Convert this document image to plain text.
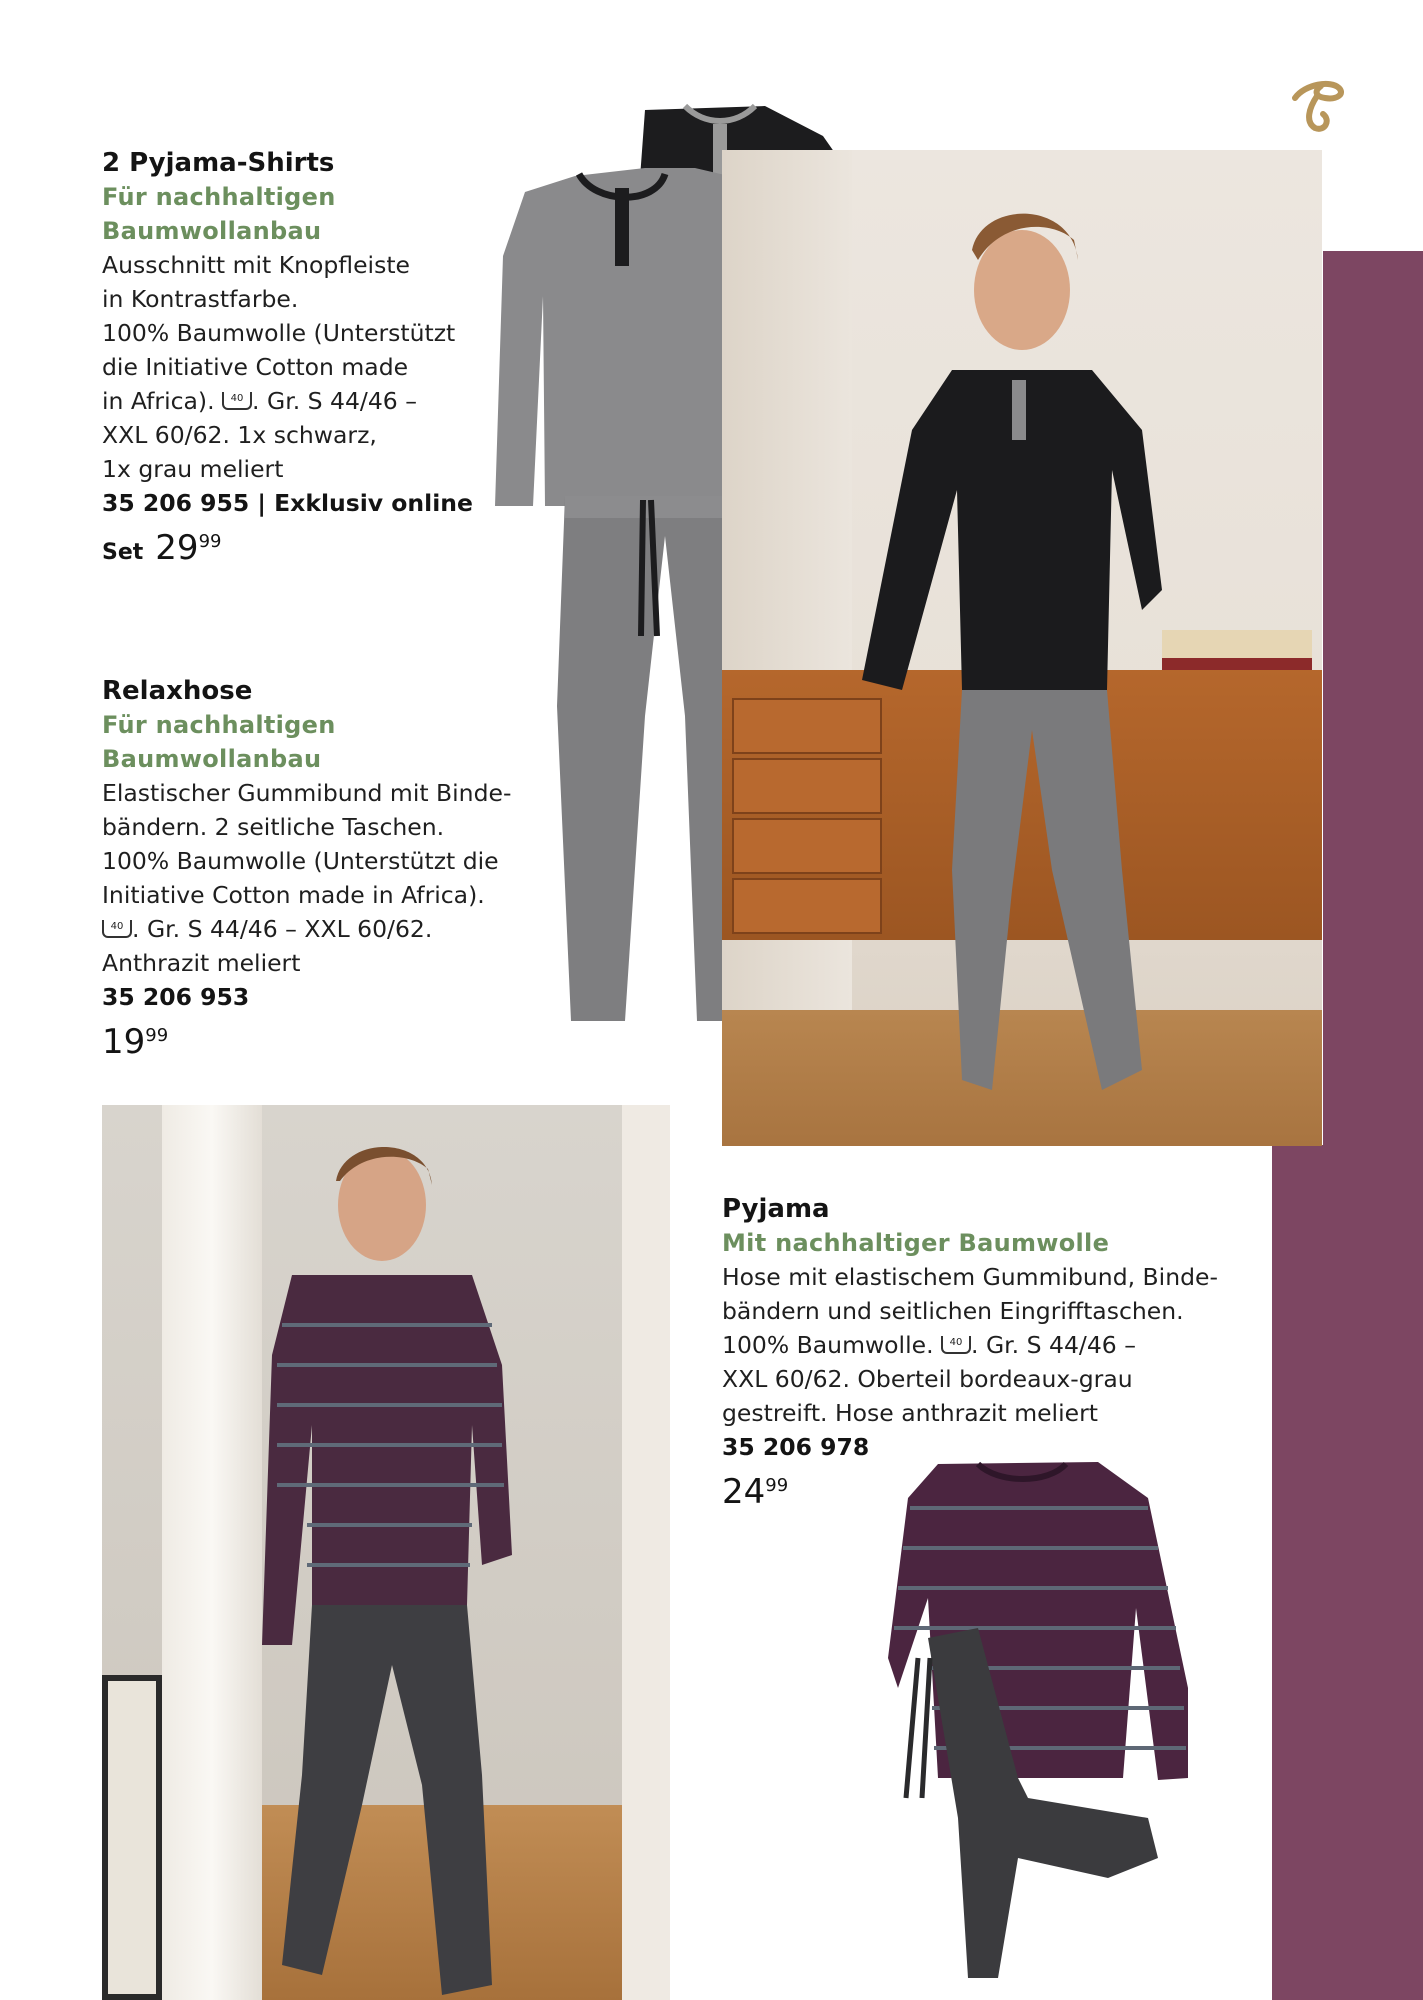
2 Pyjama-Shirts
Für nachhaltigen
Baumwollanbau
Ausschnitt mit Knopfleiste
in Kontrastfarbe.
100% Baumwolle (Unterstützt
die Initiative Cotton made
in Africa). 40 . Gr. S 44/46 –
XXL 60/62. 1x schwarz,
1x grau meliert
35 206 955 | Exklusiv online
Set $29^{99}$
Relaxhose
Für nachhaltigen
Baumwollanbau
Elastischer Gummibund mit Binde-
bändern. 2 seitliche Taschen.
100% Baumwolle (Unterstützt die
Initiative Cotton made in Africa).
40 . Gr. S 44/46 – XXL 60/62.
Anthrazit meliert
35 206 953
$19^{99}$
Pyjama
Mit nachhaltiger Baumwolle
Hose mit elastischem Gummibund, Binde-
bändern und seitlichen Eingrifftaschen.
100% Baumwolle. 40 . Gr. S 44/46 –
XXL 60/62. Oberteil bordeaux-grau
gestreift. Hose anthrazit meliert
35 206 978
$24^{99}$
